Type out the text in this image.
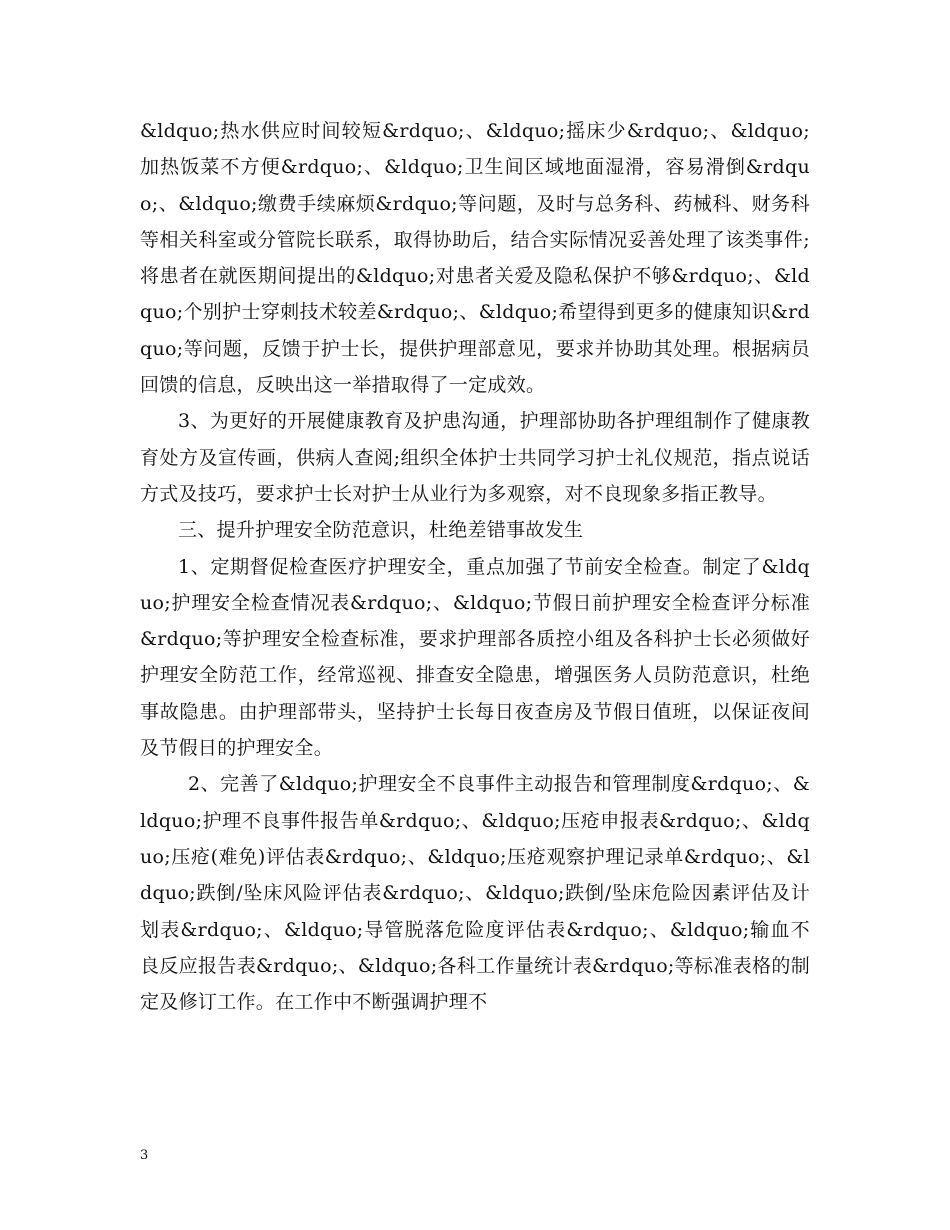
&ldquo;热水供应时间较短&rdquo;、&ldquo;摇床少&rdquo;、&ldquo;加热饭菜不方便&rdquo;、&ldquo;卫生间区域地面湿滑，容易滑倒&rdquo;、&ldquo;缴费手续麻烦&rdquo;等问题，及时与总务科、药械科、财务科等相关科室或分管院长联系，取得协助后，结合实际情况妥善处理了该类事件;将患者在就医期间提出的&ldquo;对患者关爱及隐私保护不够&rdquo;、&ldquo;个别护士穿刺技术较差&rdquo;、&ldquo;希望得到更多的健康知识&rdquo;等问题，反馈于护士长，提供护理部意见，要求并协助其处理。根据病员回馈的信息，反映出这一举措取得了一定成效。

3、为更好的开展健康教育及护患沟通，护理部协助各护理组制作了健康教育处方及宣传画，供病人查阅;组织全体护士共同学习护士礼仪规范，指点说话方式及技巧，要求护士长对护士从业行为多观察，对不良现象多指正教导。

三、提升护理安全防范意识，杜绝差错事故发生

1、定期督促检查医疗护理安全，重点加强了节前安全检查。制定了&ldquo;护理安全检查情况表&rdquo;、&ldquo;节假日前护理安全检查评分标准&rdquo;等护理安全检查标准，要求护理部各质控小组及各科护士长必须做好护理安全防范工作，经常巡视、排查安全隐患，增强医务人员防范意识，杜绝事故隐患。由护理部带头，坚持护士长每日夜查房及节假日值班，以保证夜间及节假日的护理安全。

2、完善了&ldquo;护理安全不良事件主动报告和管理制度&rdquo;、&ldquo;护理不良事件报告单&rdquo;、&ldquo;压疮申报表&rdquo;、&ldquo;压疮(难免)评估表&rdquo;、&ldquo;压疮观察护理记录单&rdquo;、&ldquo;跌倒/坠床风险评估表&rdquo;、&ldquo;跌倒/坠床危险因素评估及计划表&rdquo;、&ldquo;导管脱落危险度评估表&rdquo;、&ldquo;输血不良反应报告表&rdquo;、&ldquo;各科工作量统计表&rdquo;等标准表格的制定及修订工作。在工作中不断强调护理不

3
